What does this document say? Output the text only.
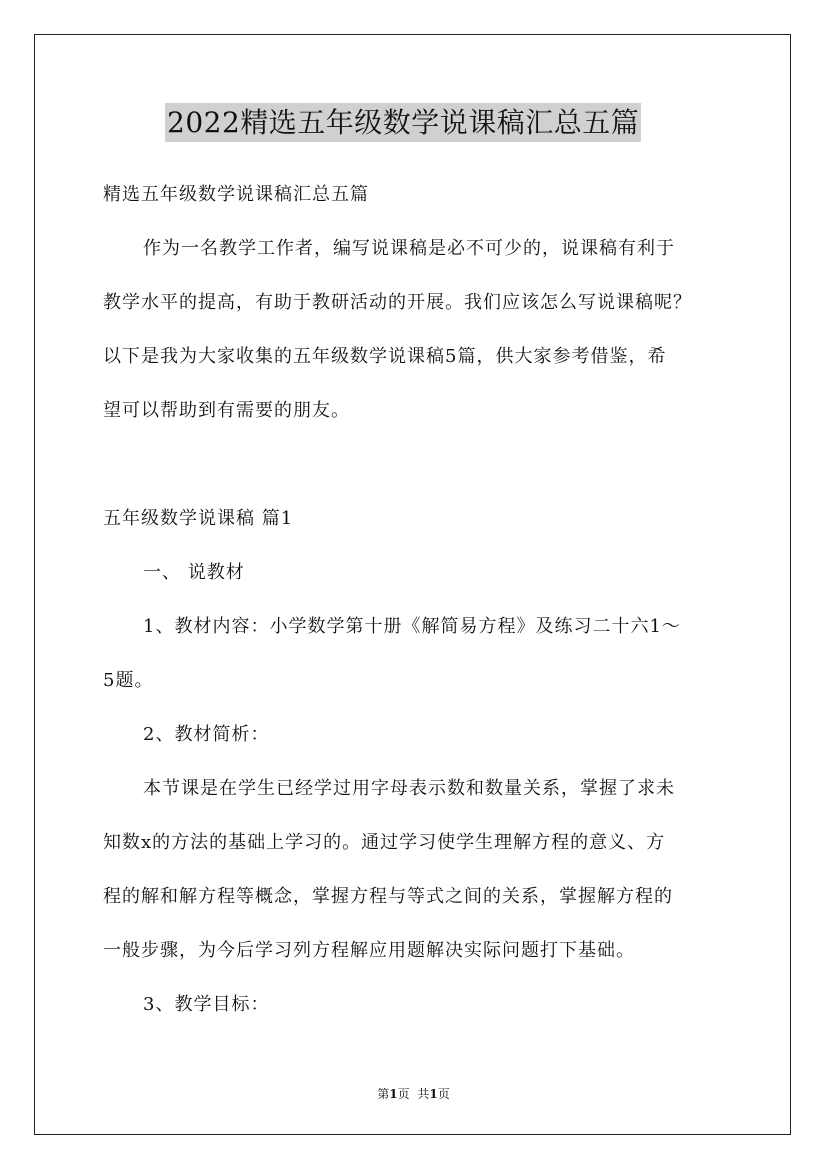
2022精选五年级数学说课稿汇总五篇
精选五年级数学说课稿汇总五篇
作为一名教学工作者，编写说课稿是必不可少的，说课稿有利于
教学水平的提高，有助于教研活动的开展。我们应该怎么写说课稿呢？
以下是我为大家收集的五年级数学说课稿5篇，供大家参考借鉴，希
望可以帮助到有需要的朋友。
五年级数学说课稿 篇1
一、 说教材
1、教材内容：小学数学第十册《解简易方程》及练习二十六1～
5题。
2、教材简析：
本节课是在学生已经学过用字母表示数和数量关系，掌握了求未
知数x的方法的基础上学习的。通过学习使学生理解方程的意义、方
程的解和解方程等概念，掌握方程与等式之间的关系，掌握解方程的
一般步骤，为今后学习列方程解应用题解决实际问题打下基础。
3、教学目标：
第1页 共1页
